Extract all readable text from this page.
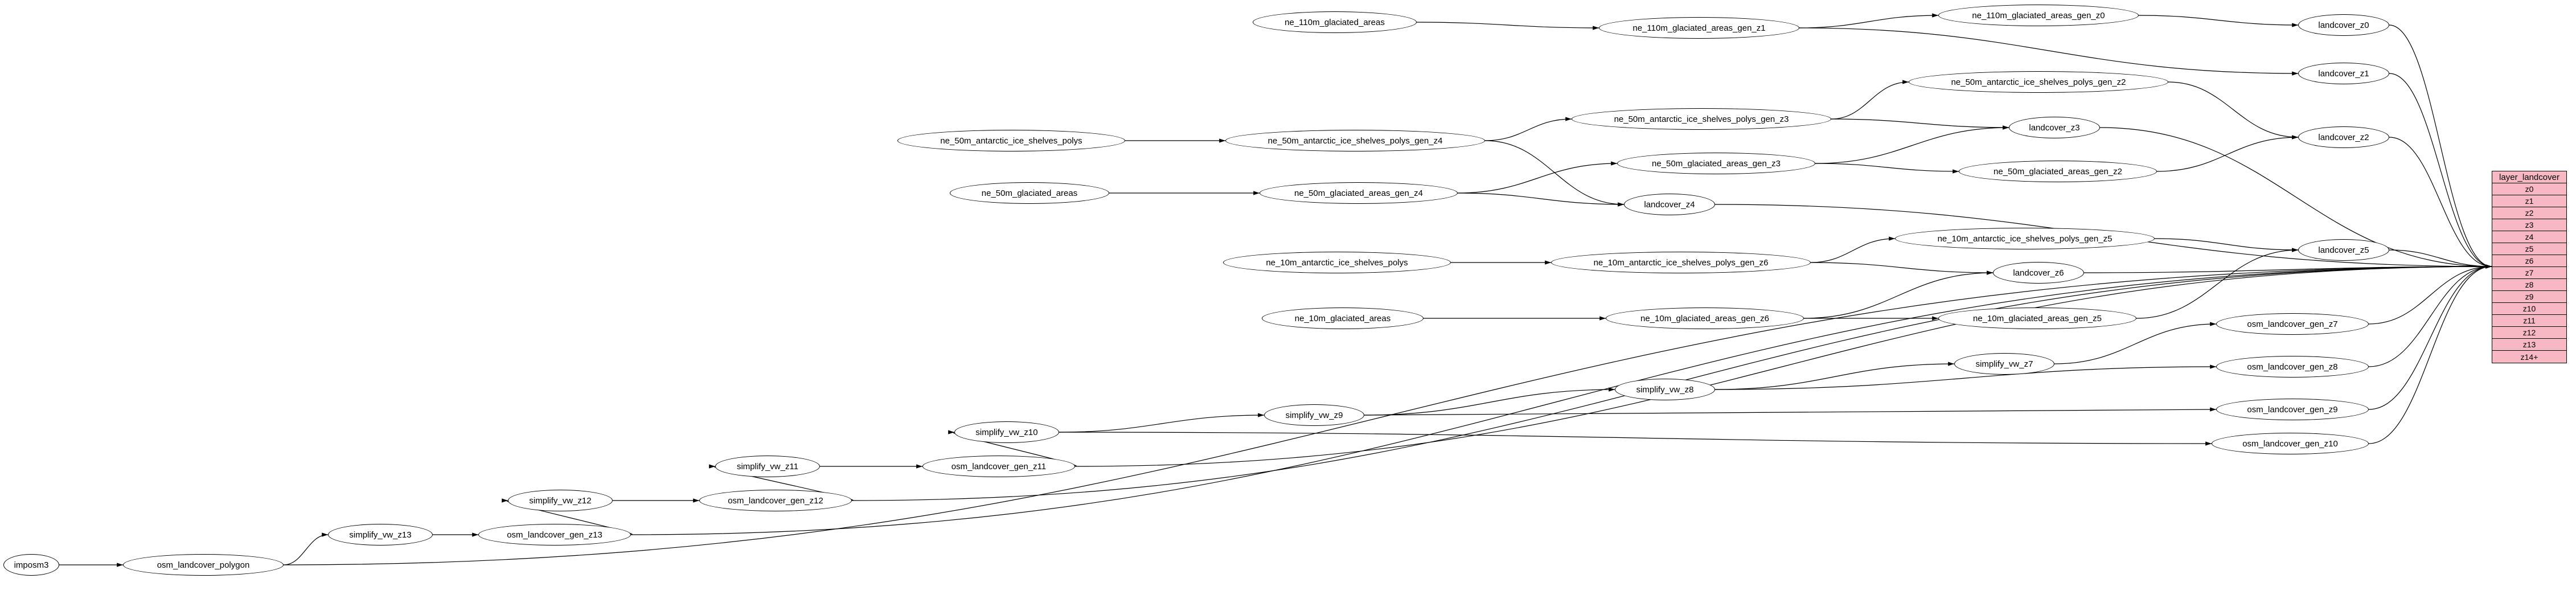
imposm3	osm_landcover_polygon
simplify_vw_z13	osm_landcover_gen_z13
simplify_vw_z12	osm_landcover_gen_z12
simplify_vw_z11	osm_landcover_gen_z11
simplify_vw_z10
simplify_vw_z9
simplify_vw_z8
simplify_vw_z7
osm_landcover_gen_z10
osm_landcover_gen_z9
osm_landcover_gen_z8
osm_landcover_gen_z7
ne_110m_glaciated_areas
ne_110m_glaciated_areas_gen_z1
ne_110m_glaciated_areas_gen_z0
landcover_z0
landcover_z1
ne_50m_antarctic_ice_shelves_polys_gen_z2
ne_50m_antarctic_ice_shelves_polys_gen_z3
ne_50m_antarctic_ice_shelves_polys	ne_50m_antarctic_ice_shelves_polys_gen_z4
landcover_z3
landcover_z2
ne_50m_glaciated_areas_gen_z3
ne_50m_glaciated_areas_gen_z2
ne_50m_glaciated_areas	ne_50m_glaciated_areas_gen_z4
landcover_z4
ne_10m_antarctic_ice_shelves_polys_gen_z5
ne_10m_antarctic_ice_shelves_polys	ne_10m_antarctic_ice_shelves_polys_gen_z6
landcover_z6
landcover_z5
ne_10m_glaciated_areas	ne_10m_glaciated_areas_gen_z6	ne_10m_glaciated_areas_gen_z5
layer_landcover
z0
z1
z2
z3
z4
z5
z6
z7
z8
z9
z10
z11
z12
z13
z14+
